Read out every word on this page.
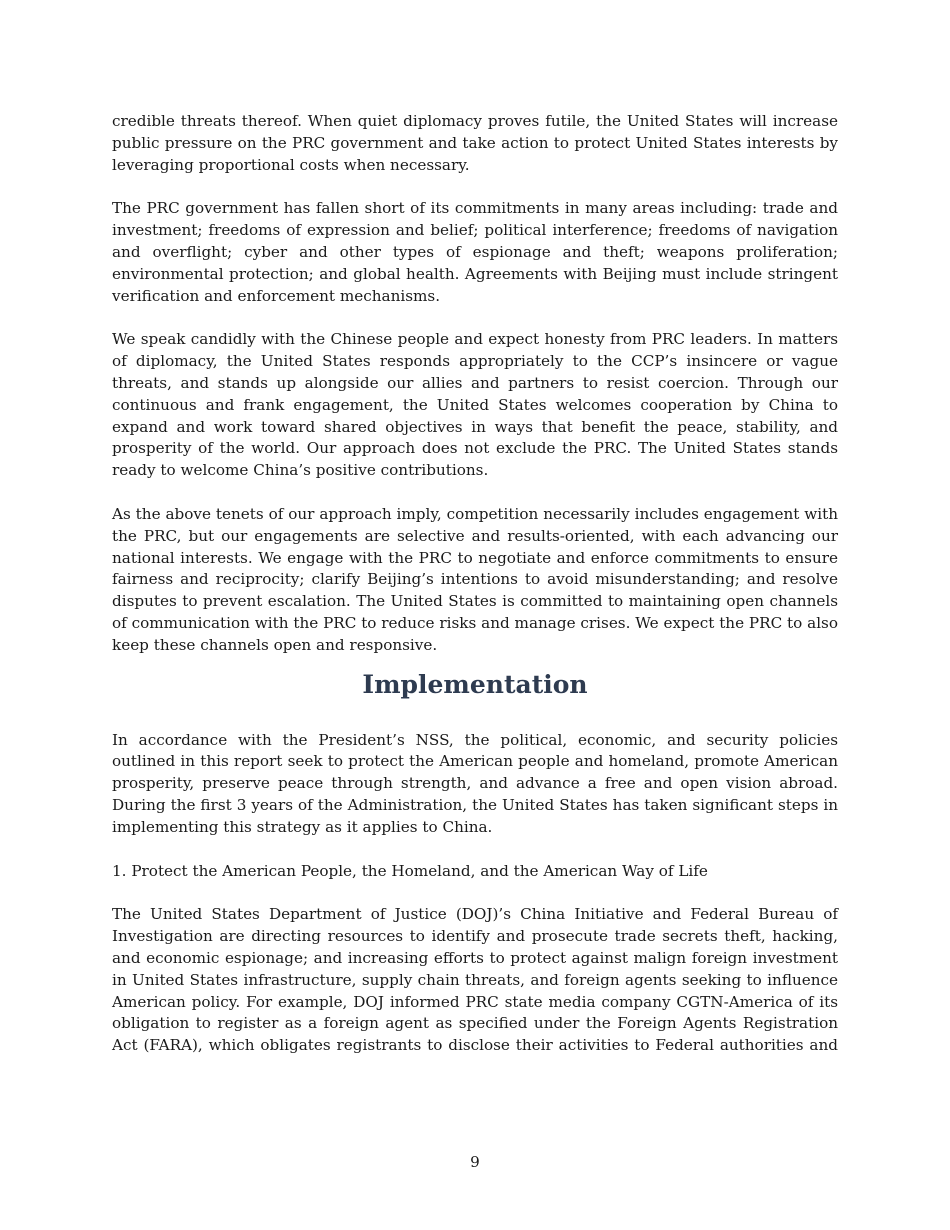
credible threats thereof. When quiet diplomacy proves futile, the United States will increase public pressure on the PRC government and take action to protect United States interests by leveraging proportional costs when necessary.

The PRC government has fallen short of its commitments in many areas including: trade and investment; freedoms of expression and belief; political interference; freedoms of navigation and overflight; cyber and other types of espionage and theft; weapons proliferation; environmental protection; and global health. Agreements with Beijing must include stringent verification and enforcement mechanisms.

We speak candidly with the Chinese people and expect honesty from PRC leaders. In matters of diplomacy, the United States responds appropriately to the CCP’s insincere or vague threats, and stands up alongside our allies and partners to resist coercion. Through our continuous and frank engagement, the United States welcomes cooperation by China to expand and work toward shared objectives in ways that benefit the peace, stability, and prosperity of the world. Our approach does not exclude the PRC. The United States stands ready to welcome China’s positive contributions.

As the above tenets of our approach imply, competition necessarily includes engagement with the PRC, but our engagements are selective and results-oriented, with each advancing our national interests. We engage with the PRC to negotiate and enforce commitments to ensure fairness and reciprocity; clarify Beijing’s intentions to avoid misunderstanding; and resolve disputes to prevent escalation. The United States is committed to maintaining open channels of communication with the PRC to reduce risks and manage crises. We expect the PRC to also keep these channels open and responsive.

Implementation

In accordance with the President’s NSS, the political, economic, and security policies outlined in this report seek to protect the American people and homeland, promote American prosperity, preserve peace through strength, and advance a free and open vision abroad. During the first 3 years of the Administration, the United States has taken significant steps in implementing this strategy as it applies to China.

1. Protect the American People, the Homeland, and the American Way of Life

The United States Department of Justice (DOJ)’s China Initiative and Federal Bureau of Investigation are directing resources to identify and prosecute trade secrets theft, hacking, and economic espionage; and increasing efforts to protect against malign foreign investment in United States infrastructure, supply chain threats, and foreign agents seeking to influence American policy. For example, DOJ informed PRC state media company CGTN-America of its obligation to register as a foreign agent as specified under the Foreign Agents Registration Act (FARA), which obligates registrants to disclose their activities to Federal authorities and

9
